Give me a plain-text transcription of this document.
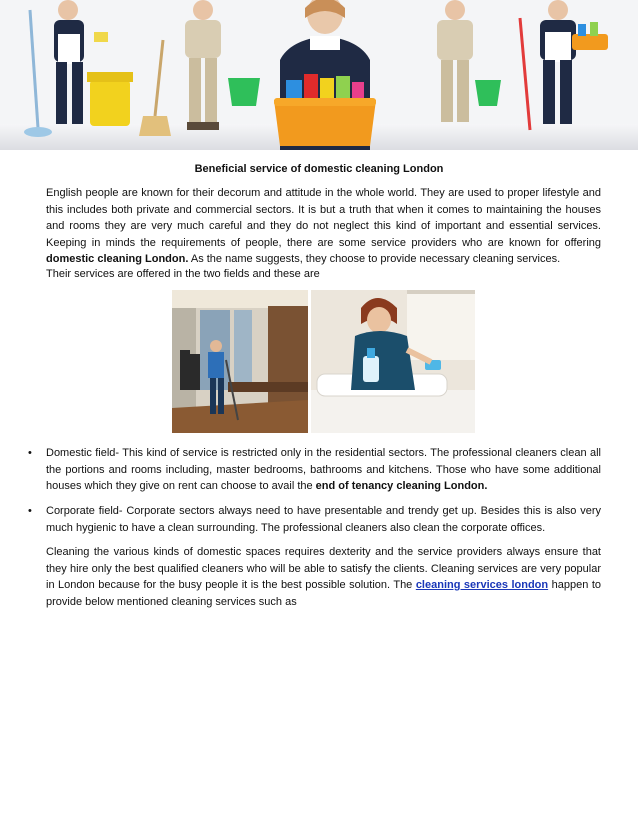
Beneficial service of domestic cleaning London

English people are known for their decorum and attitude in the whole world. They are used to proper lifestyle and this includes both private and commercial sectors. It is but a truth that when it comes to maintaining the houses and rooms they are very much careful and they do not neglect this kind of important and essential services. Keeping in minds the requirements of people, there are some service providers who are known for offering domestic cleaning London. As the name suggests, they choose to provide necessary cleaning services.

Their services are offered in the two fields and these are

• Domestic field- This kind of service is restricted only in the residential sectors. The professional cleaners clean all the portions and rooms including, master bedrooms, bathrooms and kitchens. Those who have some additional houses which they give on rent can choose to avail the end of tenancy cleaning London.

• Corporate field- Corporate sectors always need to have presentable and trendy get up. Besides this is also very much hygienic to have a clean surrounding. The professional cleaners also clean the corporate offices.

Cleaning the various kinds of domestic spaces requires dexterity and the service providers always ensure that they hire only the best qualified cleaners who will be able to satisfy the clients. Cleaning services are very popular in London because for the busy people it is the best possible solution. The cleaning services london happen to provide below mentioned cleaning services such as
